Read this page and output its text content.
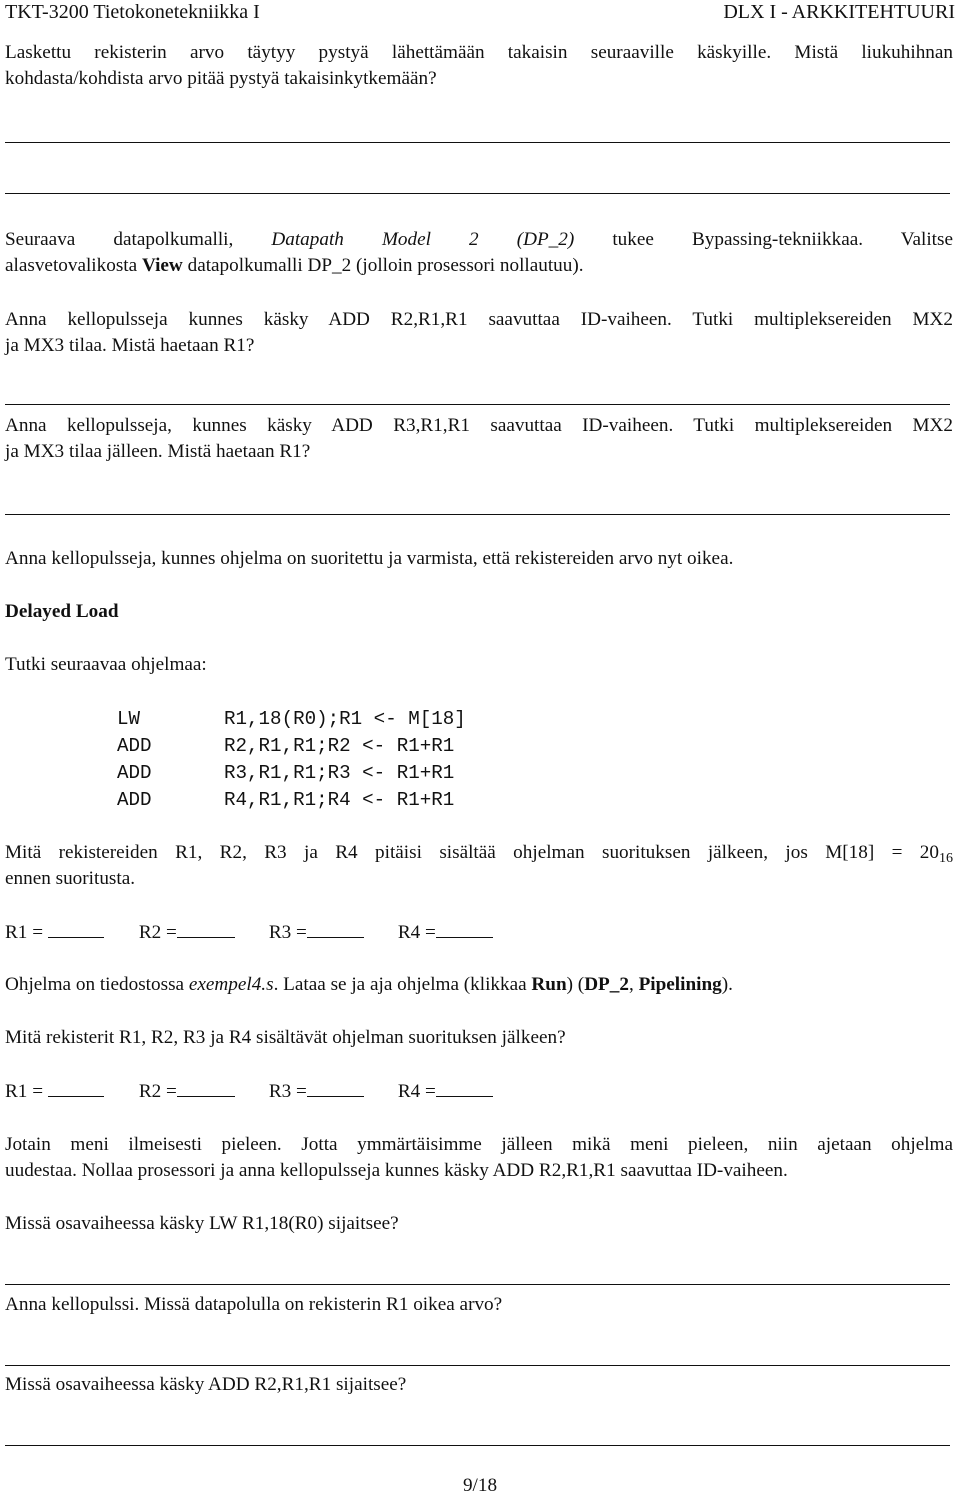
TKT-3200 Tietokonetekniikka I	DLX I - ARKKITEHTUURI
Laskettu rekisterin arvo täytyy pystyä lähettämään takaisin seuraaville käskyille. Mistä liukuhihnan
kohdasta/kohdista arvo pitää pystyä takaisinkytkemään?
Seuraava datapolkumalli, Datapath Model 2 (DP_2) tukee Bypassing-tekniikkaa. Valitse
alasvetovalikosta View datapolkumalli DP_2 (jolloin prosessori nollautuu).
Anna kellopulsseja kunnes käsky ADD R2,R1,R1 saavuttaa ID-vaiheen. Tutki multipleksereiden MX2
ja MX3 tilaa. Mistä haetaan R1?
Anna kellopulsseja, kunnes käsky ADD R3,R1,R1 saavuttaa ID-vaiheen. Tutki multipleksereiden MX2
ja MX3 tilaa jälleen. Mistä haetaan R1?
Anna kellopulsseja, kunnes ohjelma on suoritettu ja varmista, että rekistereiden arvo nyt oikea.
Delayed Load
Tutki seuraavaa ohjelmaa:
LW	R1,18(R0);R1 <- M[18]
ADD	R2,R1,R1;R2 <- R1+R1
ADD	R3,R1,R1;R3 <- R1+R1
ADD	R4,R1,R1;R4 <- R1+R1
Mitä rekistereiden R1, R2, R3 ja R4 pitäisi sisältää ohjelman suorituksen jälkeen, jos $M[18] = 20_{16}$
ennen suoritusta.
R1 =	R2 =	R3 =	R4 =
Ohjelma on tiedostossa exempel4.s. Lataa se ja aja ohjelma (klikkaa Run) (DP_2, Pipelining).
Mitä rekisterit R1, R2, R3 ja R4 sisältävät ohjelman suorituksen jälkeen?
R1 =	R2 =	R3 =	R4 =
Jotain meni ilmeisesti pieleen. Jotta ymmärtäisimme jälleen mikä meni pieleen, niin ajetaan ohjelma
uudestaa. Nollaa prosessori ja anna kellopulsseja kunnes käsky ADD R2,R1,R1 saavuttaa ID-vaiheen.
Missä osavaiheessa käsky LW R1,18(R0) sijaitsee?
Anna kellopulssi. Missä datapolulla on rekisterin R1 oikea arvo?
Missä osavaiheessa käsky ADD R2,R1,R1 sijaitsee?
9/18
